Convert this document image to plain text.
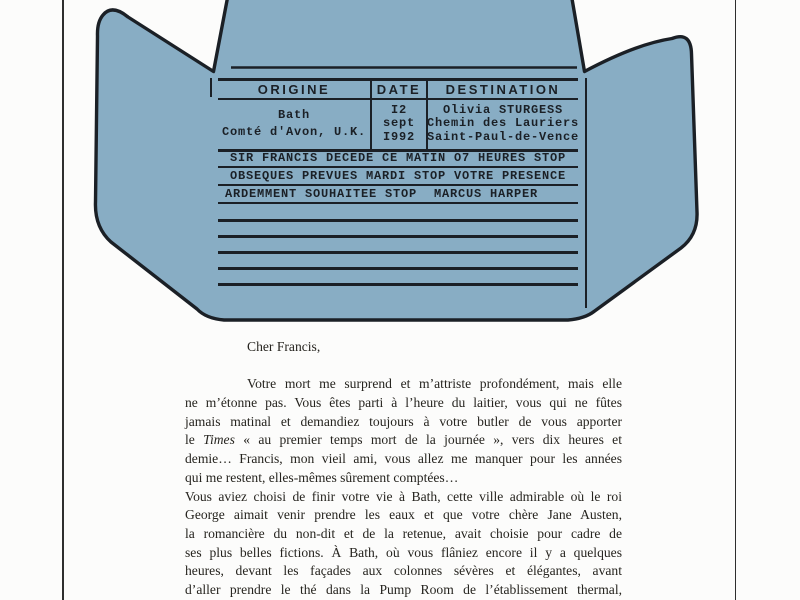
ORIGINE	DATE	DESTINATION
Bath
Comté d'Avon, U.K.
I2
sept
I992
Olivia STURGESS
Chemin des Lauriers
Saint-Paul-de-Vence
SIR FRANCIS DECEDE CE MATIN O7 HEURES STOP
OBSEQUES PREVUES MARDI STOP VOTRE PRESENCE
ARDEMMENT SOUHAITEE STOP MARCUS HARPER
Cher Francis,
Votre mort me surprend et m’attriste profondément, mais elle
ne m’étonne pas. Vous êtes parti à l’heure du laitier, vous qui ne fûtes
jamais matinal et demandiez toujours à votre butler de vous apporter
le Times « au premier temps mort de la journée », vers dix heures et
demie… Francis, mon vieil ami, vous allez me manquer pour les années
qui me restent, elles-mêmes sûrement comptées…
Vous aviez choisi de finir votre vie à Bath, cette ville admirable où le roi
George aimait venir prendre les eaux et que votre chère Jane Austen,
la romancière du non-dit et de la retenue, avait choisie pour cadre de
ses plus belles fictions. À Bath, où vous flâniez encore il y a quelques
heures, devant les façades aux colonnes sévères et élégantes, avant
d’aller prendre le thé dans la Pump Room de l’établissement thermal,
